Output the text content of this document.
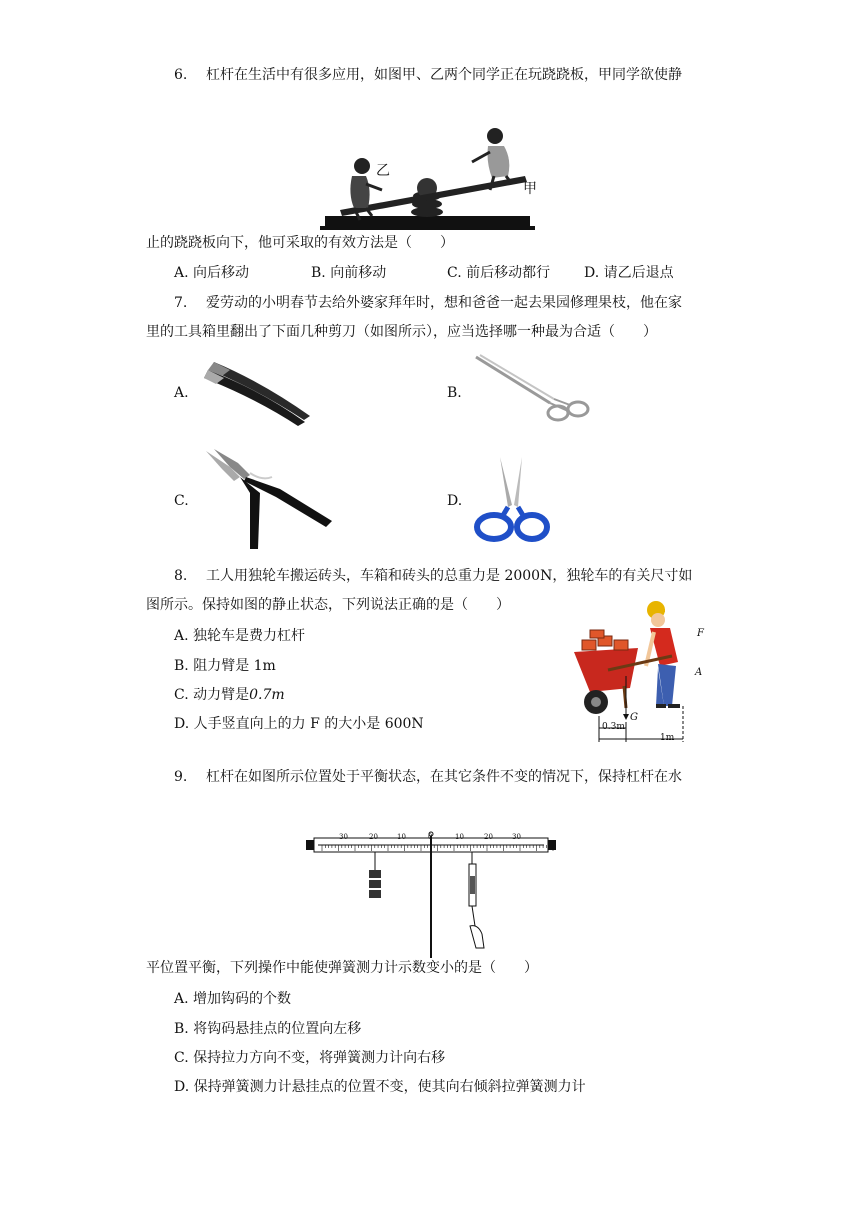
6. 杠杆在生活中有很多应用，如图甲、乙两个同学正在玩跷跷板，甲同学欲使静
乙
甲
止的跷跷板向下，他可采取的有效方法是（　　）
A. 向后移动	B. 向前移动	C. 前后移动都行 D. 请乙后退点
7. 爱劳动的小明春节去给外婆家拜年时，想和爸爸一起去果园修理果枝，他在家
里的工具箱里翻出了下面几种剪刀（如图所示），应当选择哪一种最为合适（　　）
A.	B.
C.	D.
8. 工人用独轮车搬运砖头，车箱和砖头的总重力是 2000N，独轮车的有关尺寸如
图所示。保持如图的静止状态，下列说法正确的是（　　）
A. 独轮车是费力杠杆
B. 阻力臂是 1m
C. 动力臂是0.7m
D. 人手竖直向上的力 F 的大小是 600N
F
A
G
0.3m
1m
9. 杠杆在如图所示位置处于平衡状态，在其它条件不变的情况下，保持杠杆在水
30	20	10	0	10	20	30
平位置平衡，下列操作中能使弹簧测力计示数变小的是（　　）
A. 增加钩码的个数
B. 将钩码悬挂点的位置向左移
C. 保持拉力方向不变，将弹簧测力计向右移
D. 保持弹簧测力计悬挂点的位置不变，使其向右倾斜拉弹簧测力计
